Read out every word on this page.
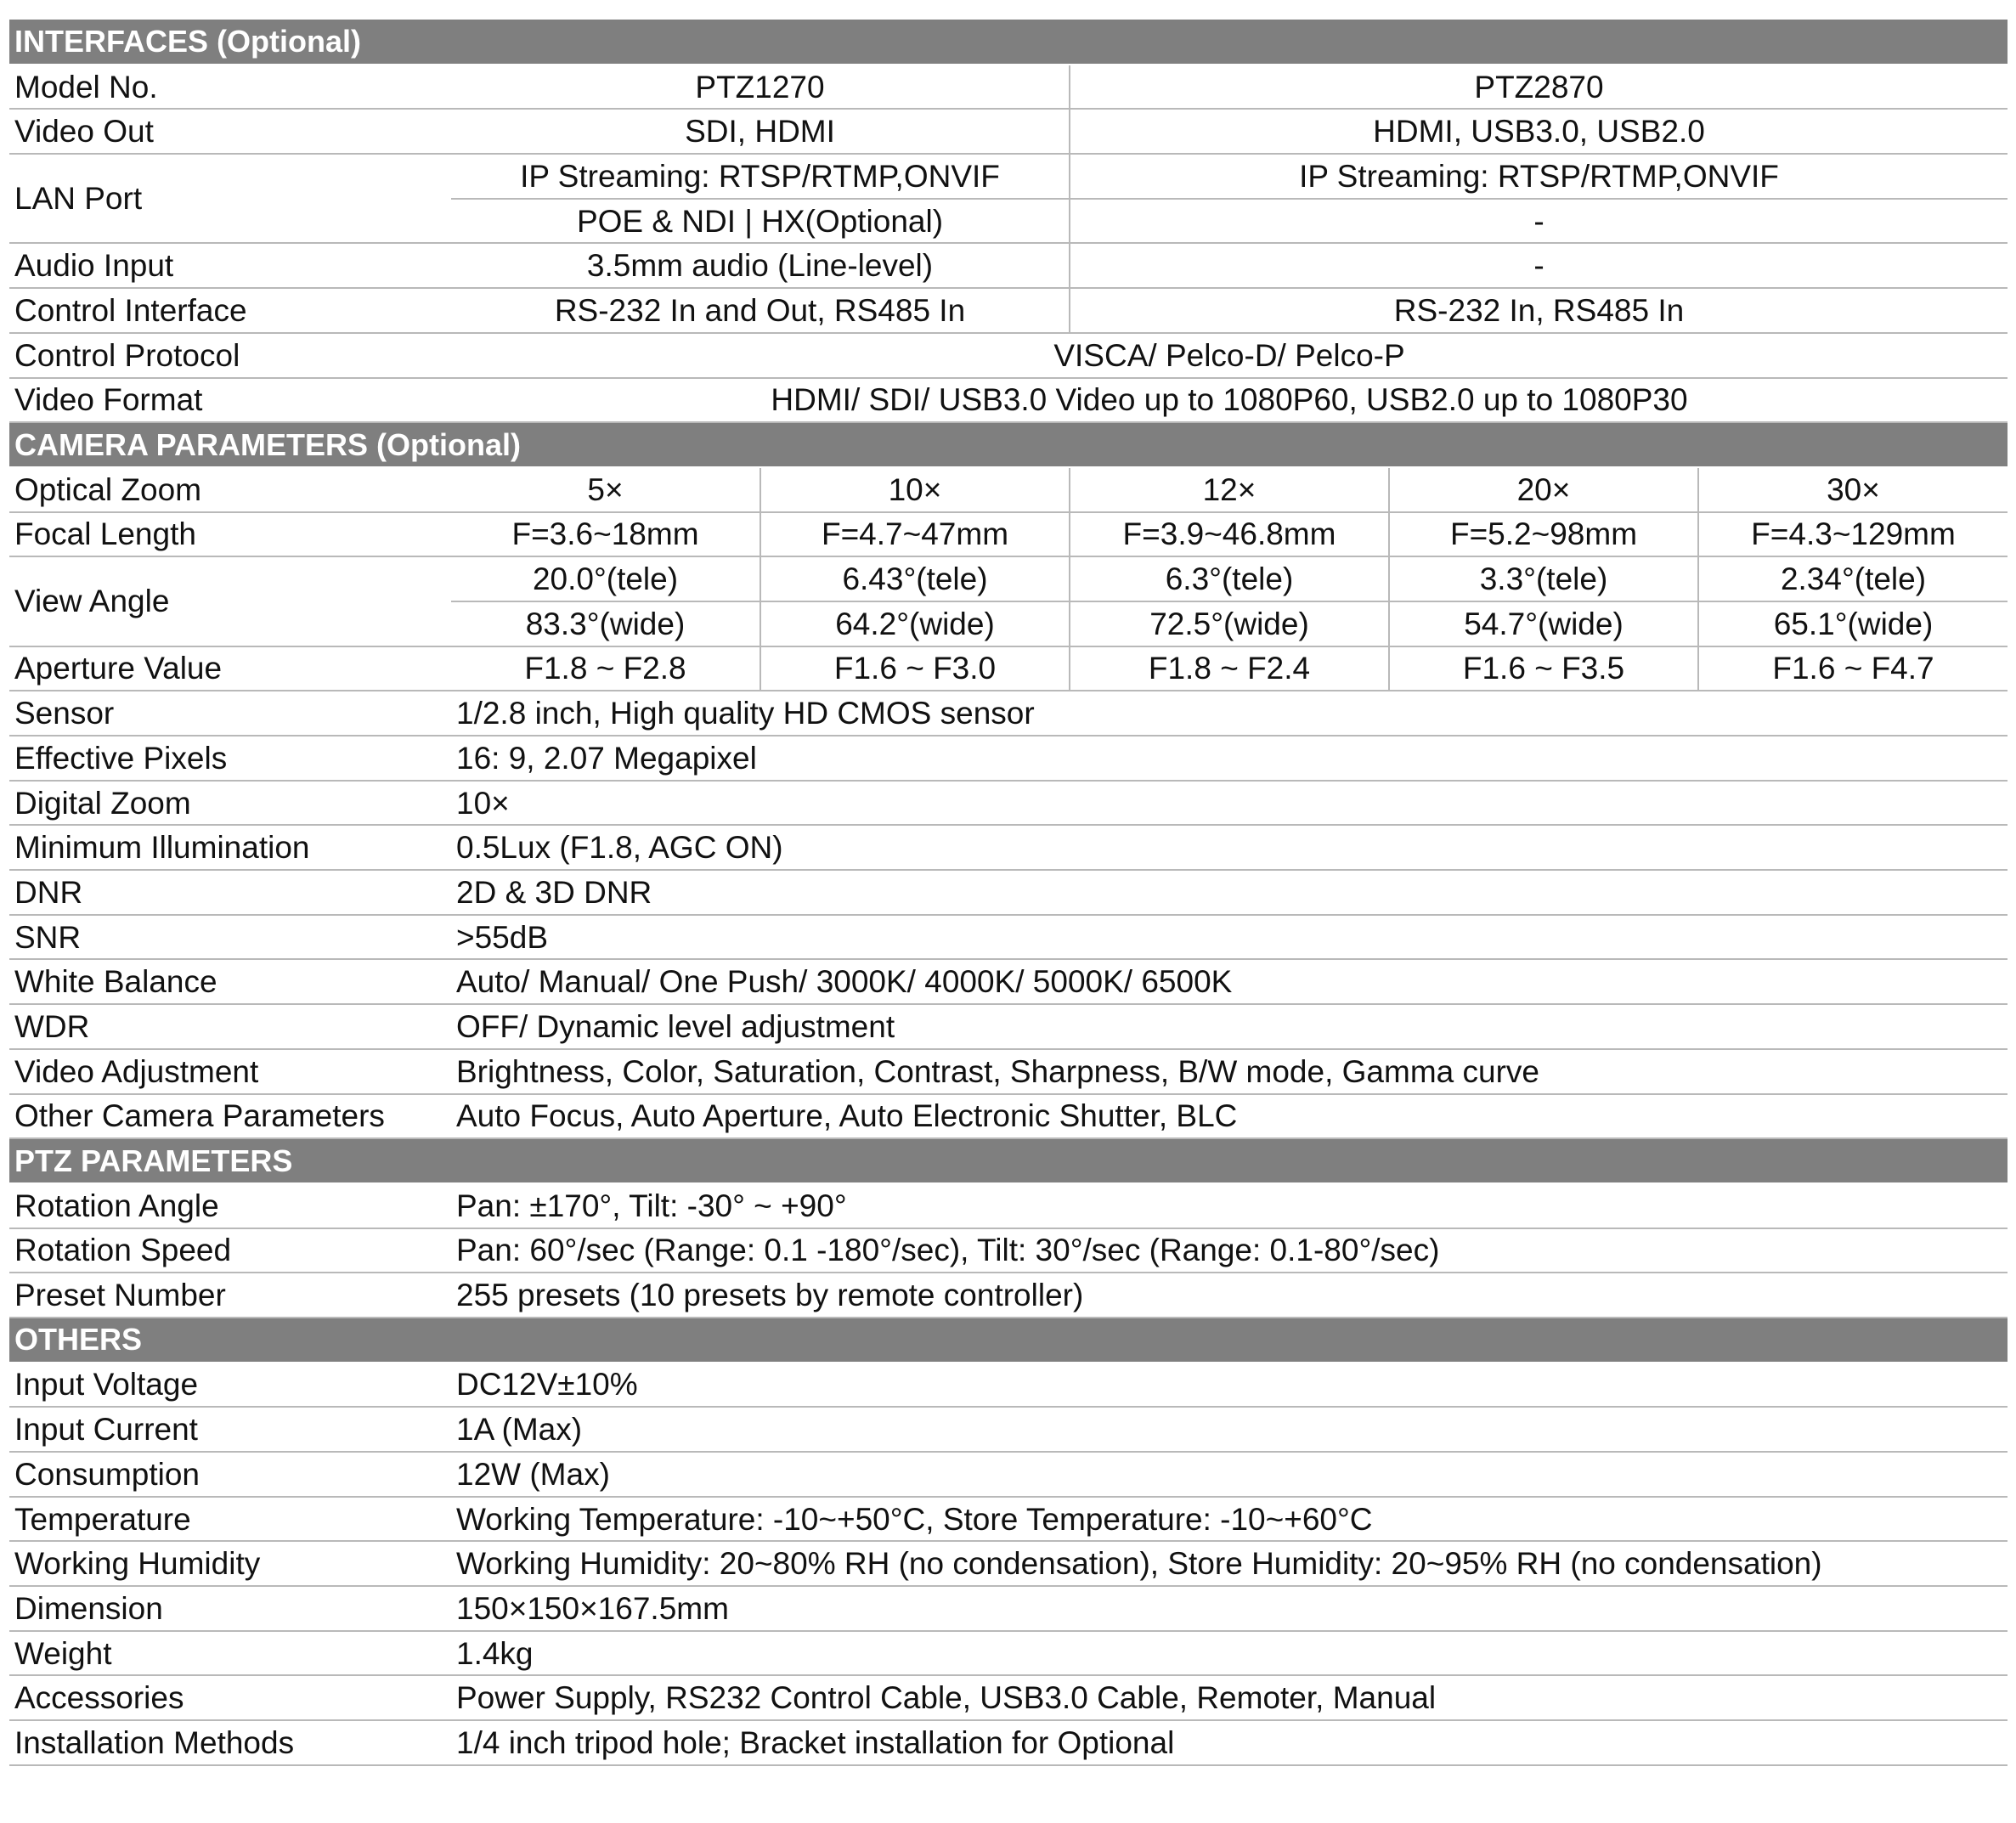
INTERFACES (Optional)					
Model No.	PTZ1270		PTZ2870		
Video Out	SDI, HDMI		HDMI, USB3.0, USB2.0		
LAN Port	IP Streaming: RTSP/RTMP,ONVIF		IP Streaming: RTSP/RTMP,ONVIF		
	POE & NDI | HX(Optional)		-		
Audio Input	3.5mm audio (Line-level)		-		
Control Interface	RS-232 In and Out, RS485 In		RS-232 In, RS485 In		
Control Protocol	VISCA/ Pelco-D/ Pelco-P				
Video Format	HDMI/ SDI/ USB3.0 Video up to 1080P60, USB2.0 up to 1080P30				
CAMERA PARAMETERS (Optional)					
Optical Zoom	5×	10×	12×	20×	30×
Focal Length	F=3.6~18mm	F=4.7~47mm	F=3.9~46.8mm	F=5.2~98mm	F=4.3~129mm
View Angle	20.0°(tele)	6.43°(tele)	6.3°(tele)	3.3°(tele)	2.34°(tele)
	83.3°(wide)	64.2°(wide)	72.5°(wide)	54.7°(wide)	65.1°(wide)
Aperture Value	F1.8 ~ F2.8	F1.6 ~ F3.0	F1.8 ~ F2.4	F1.6 ~ F3.5	F1.6 ~ F4.7
Sensor	1/2.8 inch, High quality HD CMOS sensor				
Effective Pixels	16: 9, 2.07 Megapixel				
Digital Zoom	10×				
Minimum Illumination	0.5Lux (F1.8, AGC ON)				
DNR	2D & 3D DNR				
SNR	>55dB				
White Balance	Auto/ Manual/ One Push/ 3000K/ 4000K/ 5000K/ 6500K				
WDR	OFF/ Dynamic level adjustment				
Video Adjustment	Brightness, Color, Saturation, Contrast, Sharpness, B/W mode, Gamma curve				
Other Camera Parameters	Auto Focus, Auto Aperture, Auto Electronic Shutter, BLC				
PTZ PARAMETERS					
Rotation Angle	Pan: ±170°, Tilt: -30° ~ +90°				
Rotation Speed	Pan: 60°/sec (Range: 0.1 -180°/sec), Tilt: 30°/sec (Range: 0.1-80°/sec)				
Preset Number	255 presets (10 presets by remote controller)				
OTHERS					
Input Voltage	DC12V±10%				
Input Current	1A (Max)				
Consumption	12W (Max)				
Temperature	Working Temperature: -10~+50°C, Store Temperature: -10~+60°C				
Working Humidity	Working Humidity: 20~80% RH (no condensation), Store Humidity: 20~95% RH (no condensation)				
Dimension	150×150×167.5mm				
Weight	1.4kg				
Accessories	Power Supply, RS232 Control Cable, USB3.0 Cable, Remoter, Manual				
Installation Methods	1/4 inch tripod hole; Bracket installation for Optional				
